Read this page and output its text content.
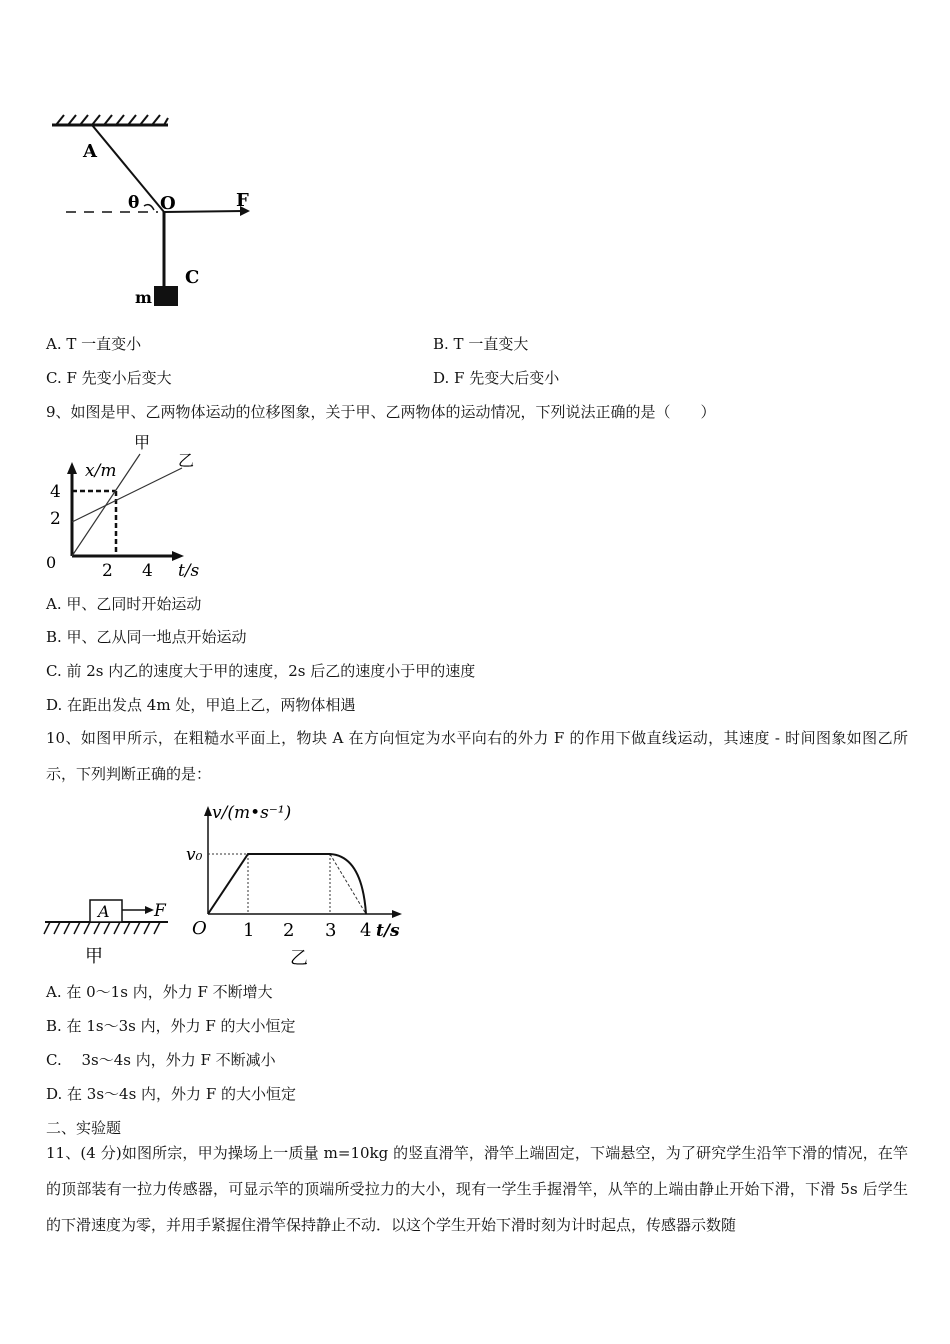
A
θ O	F
C
m
A. T 一直变小	B. T 一直变大
C. F 先变小后变大	D. F 先变大后变小
9、如图是甲、乙两物体运动的位移图象，关于甲、乙两物体的运动情况，下列说法正确的是（　　）
x/m
t/s
0
4
2
2 4
甲
乙
A. 甲、乙同时开始运动
B. 甲、乙从同一地点开始运动
C. 前 2s 内乙的速度大于甲的速度，2s 后乙的速度小于甲的速度
D. 在距出发点 4m 处，甲追上乙，两物体相遇
10、如图甲所示，在粗糙水平面上，物块 A 在方向恒定为水平向右的外力 F 的作用下做直线运动，其速度 - 时间图象如图乙所示，下列判断正确的是：
A	F
甲
v/(m•s⁻¹)
v₀
O 1 2 3 4 t/s
乙
A. 在 0～1s 内，外力 F 不断增大
B. 在 1s～3s 内，外力 F 的大小恒定
C.　 3s～4s 内，外力 F 不断减小
D. 在 3s～4s 内，外力 F 的大小恒定
二、实验题
11、(4 分)如图所宗，甲为操场上一质量 m=10kg 的竖直滑竿，滑竿上端固定，下端悬空，为了研究学生沿竿下滑的情况，在竿的顶部装有一拉力传感器，可显示竿的顶端所受拉力的大小，现有一学生手握滑竿，从竿的上端由静止开始下滑，下滑 5s 后学生的下滑速度为零，并用手紧握住滑竿保持静止不动．以这个学生开始下滑时刻为计时起点，传感器示数随
